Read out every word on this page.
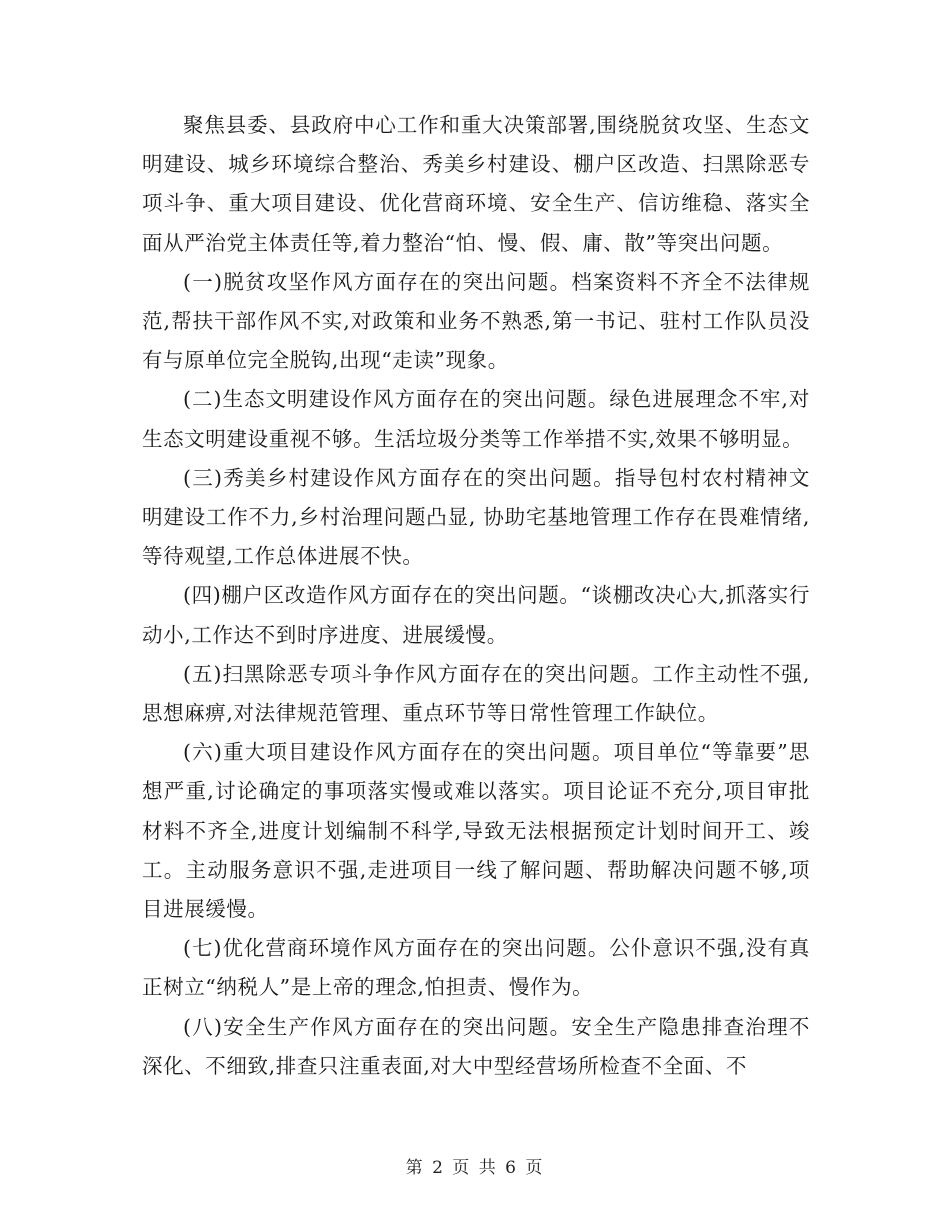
聚焦县委、县政府中心工作和重大决策部署,围绕脱贫攻坚、生态文明建设、城乡环境综合整治、秀美乡村建设、棚户区改造、扫黑除恶专项斗争、重大项目建设、优化营商环境、安全生产、信访维稳、落实全面从严治党主体责任等,着力整治“怕、慢、假、庸、散”等突出问题。

(一)脱贫攻坚作风方面存在的突出问题。档案资料不齐全不法律规范,帮扶干部作风不实,对政策和业务不熟悉,第一书记、驻村工作队员没有与原单位完全脱钩,出现“走读”现象。

(二)生态文明建设作风方面存在的突出问题。绿色进展理念不牢,对生态文明建设重视不够。生活垃圾分类等工作举措不实,效果不够明显。

(三)秀美乡村建设作风方面存在的突出问题。指导包村农村精神文明建设工作不力,乡村治理问题凸显, 协助宅基地管理工作存在畏难情绪,等待观望,工作总体进展不快。

(四)棚户区改造作风方面存在的突出问题。“谈棚改决心大,抓落实行动小,工作达不到时序进度、进展缓慢。

(五)扫黑除恶专项斗争作风方面存在的突出问题。工作主动性不强,思想麻痹,对法律规范管理、重点环节等日常性管理工作缺位。

(六)重大项目建设作风方面存在的突出问题。项目单位“等靠要”思想严重,讨论确定的事项落实慢或难以落实。项目论证不充分,项目审批材料不齐全,进度计划编制不科学,导致无法根据预定计划时间开工、竣工。主动服务意识不强,走进项目一线了解问题、帮助解决问题不够,项目进展缓慢。

(七)优化营商环境作风方面存在的突出问题。公仆意识不强,没有真正树立“纳税人”是上帝的理念,怕担责、慢作为。

(八)安全生产作风方面存在的突出问题。安全生产隐患排查治理不深化、不细致,排查只注重表面,对大中型经营场所检查不全面、不

第 2 页 共 6 页
